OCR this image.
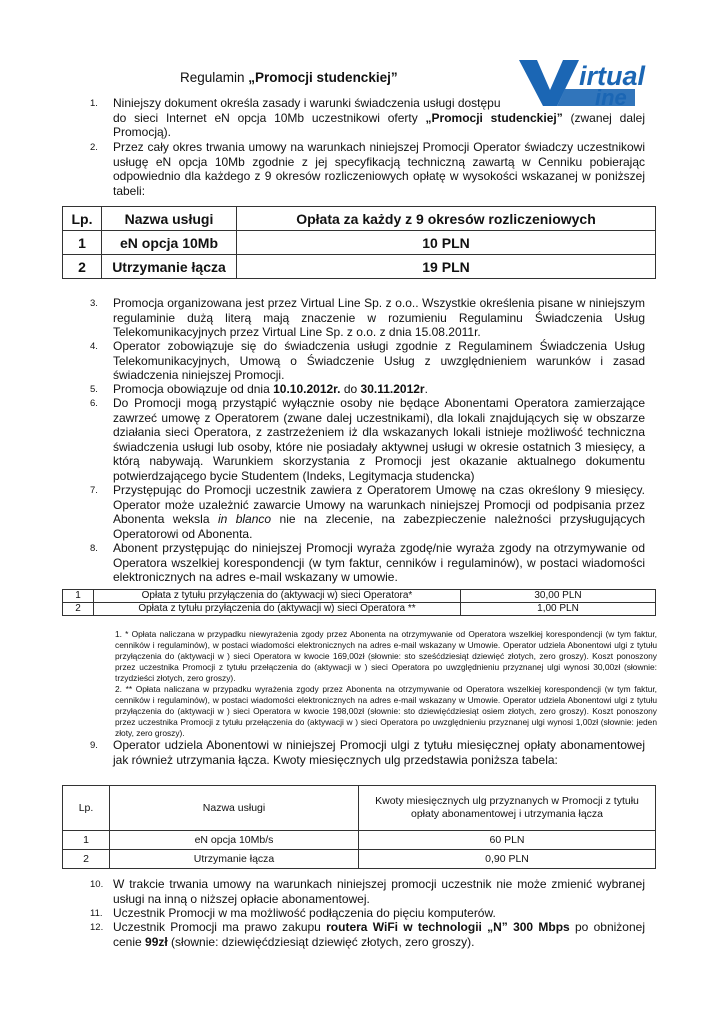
Regulamin „Promocji studenckiej”	irtual
ine
1.	Niniejszy dokument określa zasady i warunki świadczenia usługi dostępu
do sieci Internet eN opcja 10Mb uczestnikowi oferty „Promocji studenckiej” (zwanej dalej Promocją).
2.	Przez cały okres trwania umowy na warunkach niniejszej Promocji Operator świadczy uczestnikowi usługę eN opcja 10Mb zgodnie z jej specyfikacją techniczną zawartą w Cenniku pobierając odpowiednio dla każdego z 9 okresów rozliczeniowych opłatę w wysokości wskazanej w poniższej tabeli:
Lp.	Nazwa usługi	Opłata za każdy z 9 okresów rozliczeniowych
1	eN opcja 10Mb	10 PLN
2	Utrzymanie łącza	19 PLN
3.	Promocja organizowana jest przez Virtual Line Sp. z o.o.. Wszystkie określenia pisane w niniejszym regulaminie dużą literą mają znaczenie w rozumieniu Regulaminu Świadczenia Usług Telekomunikacyjnych przez Virtual Line Sp. z o.o. z dnia 15.08.2011r.
4.	Operator zobowiązuje się do świadczenia usługi zgodnie z Regulaminem Świadczenia Usług Telekomunikacyjnych, Umową o Świadczenie Usług z uwzględnieniem warunków i zasad świadczenia niniejszej Promocji.
5.	Promocja obowiązuje od dnia 10.10.2012r. do 30.11.2012r.
6.	Do Promocji mogą przystąpić wyłącznie osoby nie będące Abonentami Operatora zamierzające zawrzeć umowę z Operatorem (zwane dalej uczestnikami), dla lokali znajdujących się w obszarze działania sieci Operatora, z zastrzeżeniem iż dla wskazanych lokali istnieje możliwość techniczna świadczenia usługi lub osoby, które nie posiadały aktywnej usługi w okresie ostatnich 3 miesięcy, a którą nabywają. Warunkiem skorzystania z Promocji jest okazanie aktualnego dokumentu potwierdzającego bycie Studentem (Indeks, Legitymacja studencka)
7.	Przystępując do Promocji uczestnik zawiera z Operatorem Umowę na czas określony 9 miesięcy. Operator może uzależnić zawarcie Umowy na warunkach niniejszej Promocji od podpisania przez Abonenta weksla in blanco nie na zlecenie, na zabezpieczenie należności przysługujących Operatorowi od Abonenta.
8.	Abonent przystępując do niniejszej Promocji wyraża zgodę/nie wyraża zgody na otrzymywanie od Operatora wszelkiej korespondencji (w tym faktur, cenników i regulaminów), w postaci wiadomości elektronicznych na adres e-mail wskazany w umowie.
1	Opłata z tytułu przyłączenia do (aktywacji w) sieci Operatora*	30,00 PLN
2	Opłata z tytułu przyłączenia do (aktywacji w) sieci Operatora **	1,00 PLN

1. * Opłata naliczana w przypadku niewyrażenia zgody przez Abonenta na otrzymywanie od Operatora wszelkiej korespondencji (w tym faktur, cenników i regulaminów), w postaci wiadomości elektronicznych na adres e-mail wskazany w Umowie. Operator udziela Abonentowi ulgi z tytułu przyłączenia do (aktywacji w ) sieci Operatora w kwocie 169,00zł (słownie: sto sześćdziesiąt dziewięć złotych, zero groszy). Koszt ponoszony przez uczestnika Promocji z tytułu przełączenia do (aktywacji w ) sieci Operatora po uwzględnieniu przyznanej ulgi wynosi 30,00zł (słownie: trzydzieści złotych, zero groszy).

2. ** Opłata naliczana w przypadku wyrażenia zgody przez Abonenta na otrzymywanie od Operatora wszelkiej korespondencji (w tym faktur, cenników i regulaminów), w postaci wiadomości elektronicznych na adres e-mail wskazany w Umowie. Operator udziela Abonentowi ulgi z tytułu przyłączenia do (aktywacji w ) sieci Operatora w kwocie 198,00zł (słownie: sto dziewięćdziesiąt osiem złotych, zero groszy). Koszt ponoszony przez uczestnika Promocji z tytułu przełączenia do (aktywacji w ) sieci Operatora po uwzględnieniu przyznanej ulgi wynosi 1,00zł (słownie: jeden złoty, zero groszy).

9.	Operator udziela Abonentowi w niniejszej Promocji ulgi z tytułu miesięcznej opłaty abonamentowej jak również utrzymania łącza. Kwoty miesięcznych ulg przedstawia poniższa tabela:
Lp.	Nazwa usługi	Kwoty miesięcznych ulg przyznanych w Promocji z tytułu opłaty abonamentowej i utrzymania łącza
1	eN opcja 10Mb/s	60 PLN
2	Utrzymanie łącza	0,90 PLN
10. W trakcie trwania umowy na warunkach niniejszej promocji uczestnik nie może zmienić wybranej usługi na inną o niższej opłacie abonamentowej.
11. Uczestnik Promocji w ma możliwość podłączenia do pięciu komputerów.
12. Uczestnik Promocji ma prawo zakupu routera WiFi w technologii „N” 300 Mbps po obniżonej cenie 99zł (słownie: dziewięćdziesiąt dziewięć złotych, zero groszy).
